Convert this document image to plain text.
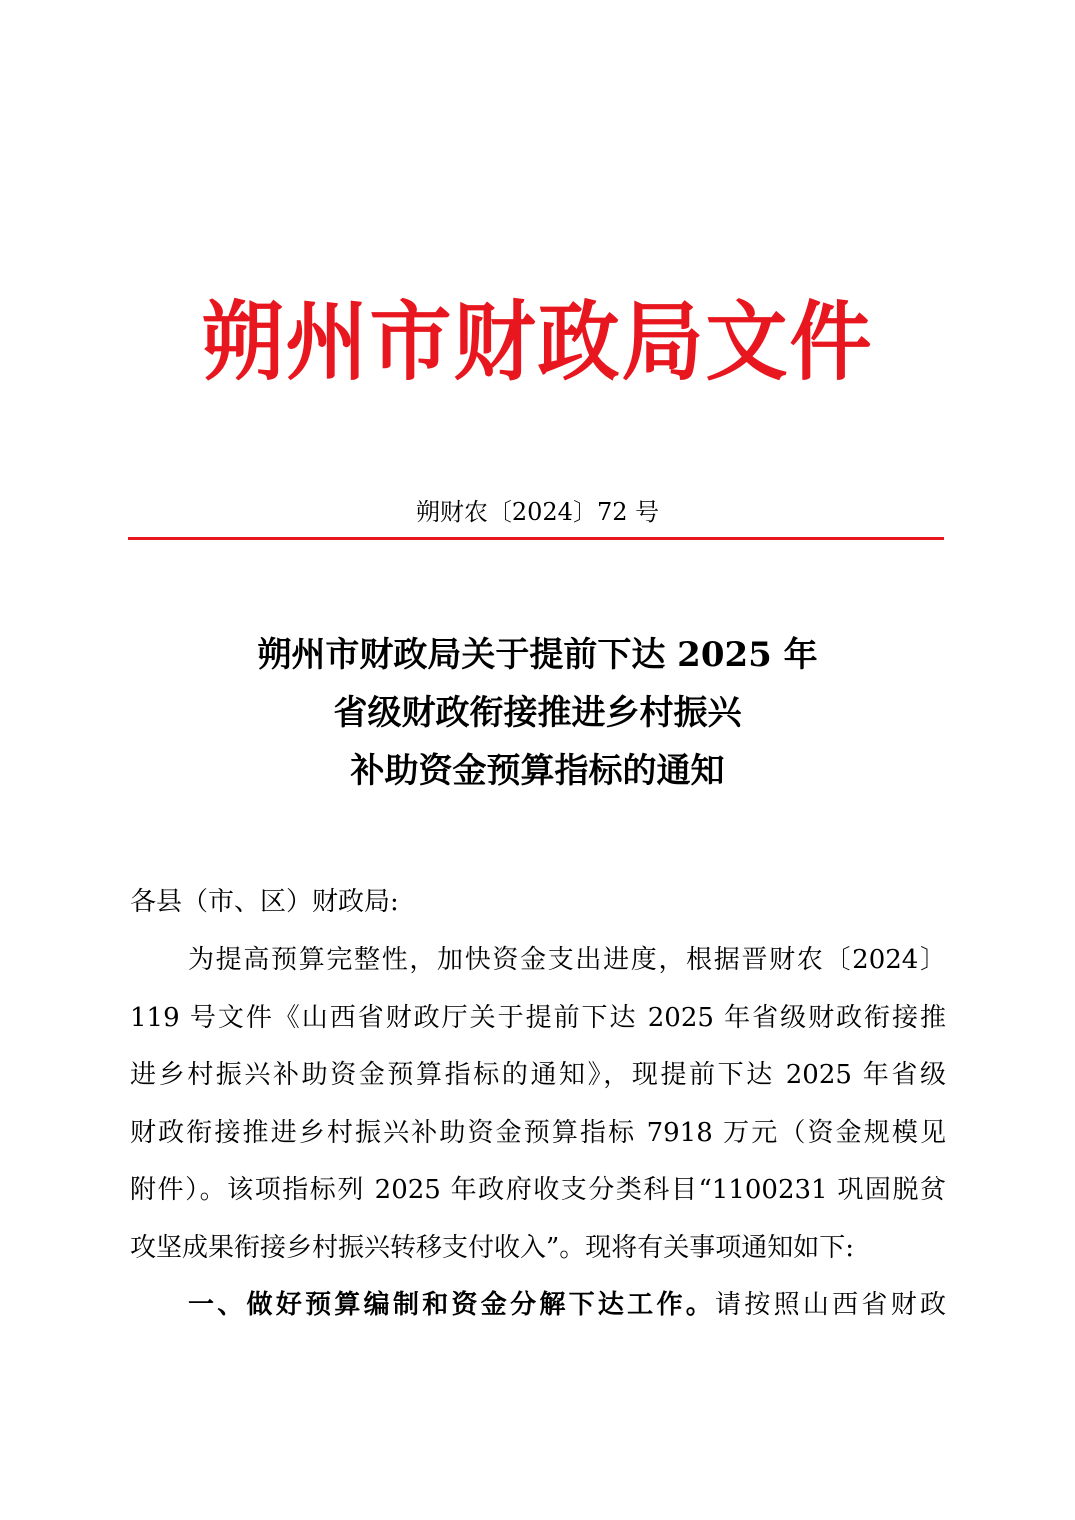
朔州市财政局文件
朔财农〔2024〕72 号
朔州市财政局关于提前下达 2025 年
省级财政衔接推进乡村振兴
补助资金预算指标的通知
各县（市、区）财政局:
为提高预算完整性，加快资金支出进度，根据晋财农〔2024〕
119 号文件《山西省财政厅关于提前下达 2025 年省级财政衔接推
进乡村振兴补助资金预算指标的通知》，现提前下达 2025 年省级
财政衔接推进乡村振兴补助资金预算指标 7918 万元（资金规模见
附件）。该项指标列 2025 年政府收支分类科目“1100231 巩固脱贫
攻坚成果衔接乡村振兴转移支付收入”。现将有关事项通知如下:
一、做好预算编制和资金分解下达工作。请按照山西省财政
